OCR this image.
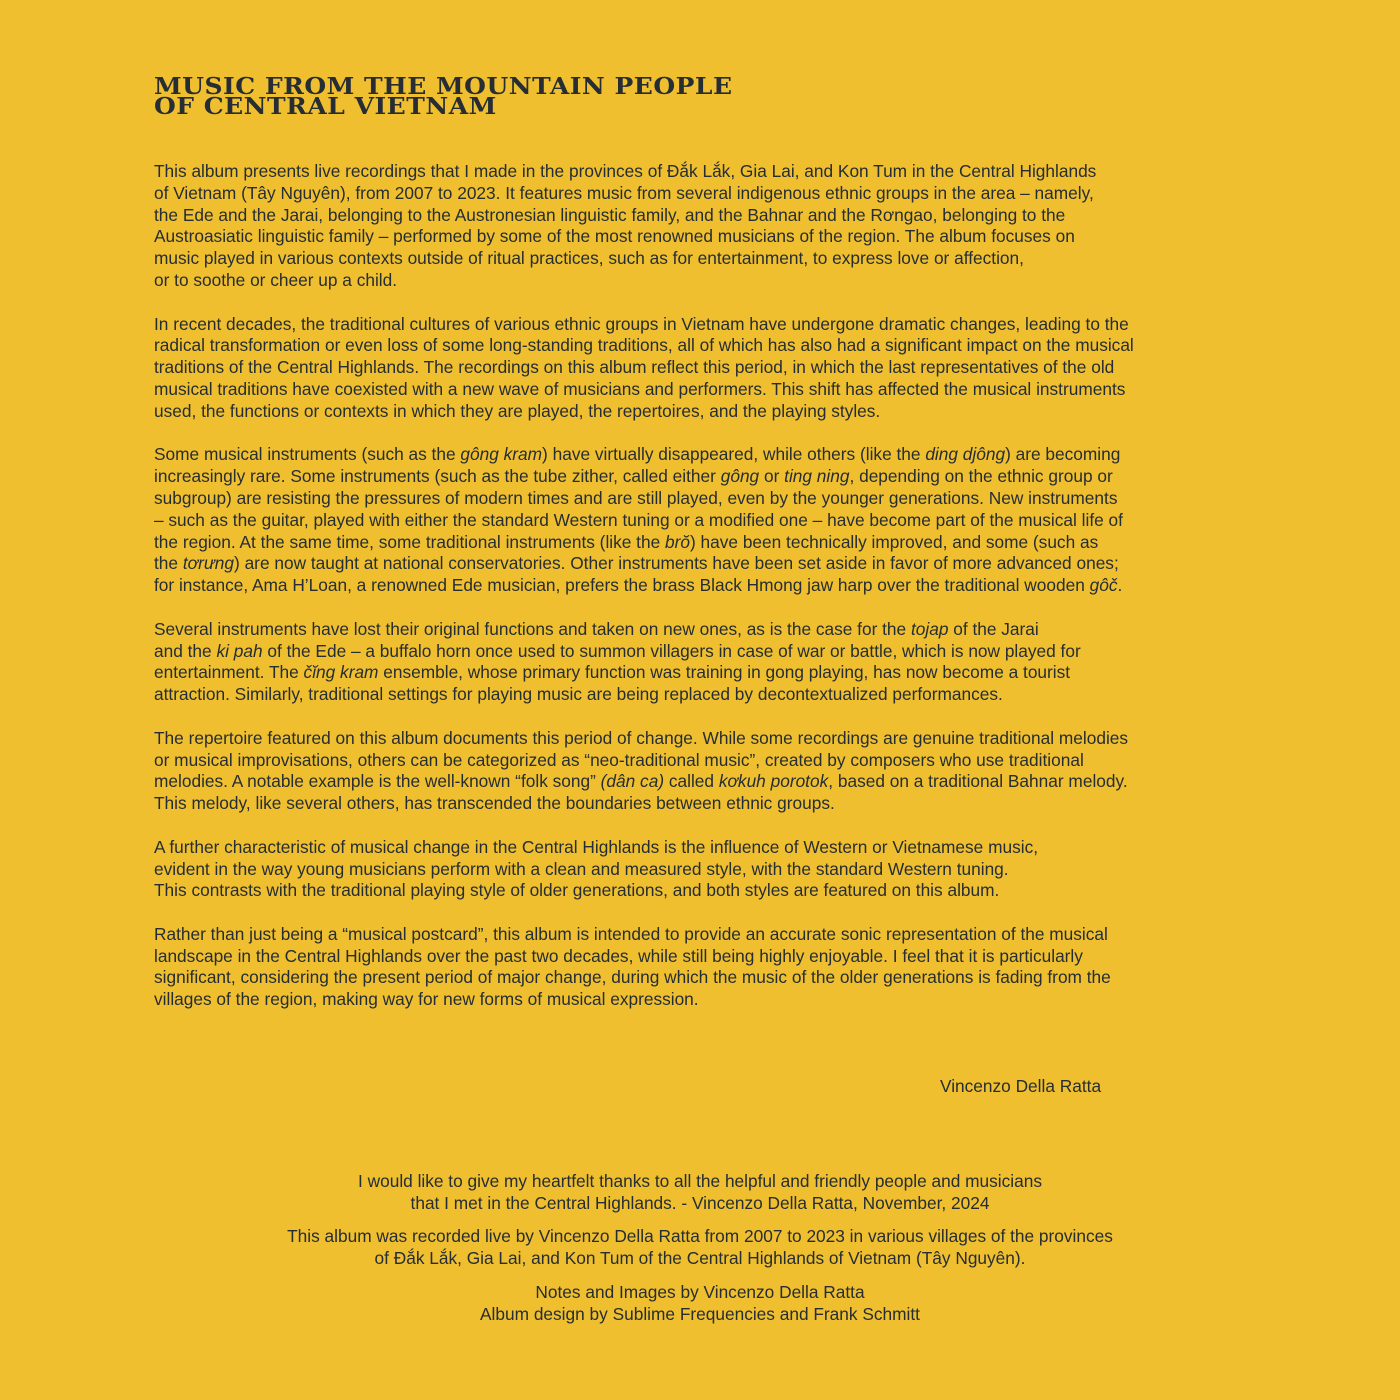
MUSIC FROM THE MOUNTAIN PEOPLE
OF CENTRAL VIETNAM

This album presents live recordings that I made in the provinces of Đắk Lắk, Gia Lai, and Kon Tum in the Central Highlands
of Vietnam (Tây Nguyên), from 2007 to 2023. It features music from several indigenous ethnic groups in the area – namely,
the Ede and the Jarai, belonging to the Austronesian linguistic family, and the Bahnar and the Rơngao, belonging to the
Austroasiatic linguistic family – performed by some of the most renowned musicians of the region. The album focuses on
music played in various contexts outside of ritual practices, such as for entertainment, to express love or affection,
or to soothe or cheer up a child.

In recent decades, the traditional cultures of various ethnic groups in Vietnam have undergone dramatic changes, leading to the
radical transformation or even loss of some long-standing traditions, all of which has also had a significant impact on the musical
traditions of the Central Highlands. The recordings on this album reflect this period, in which the last representatives of the old
musical traditions have coexisted with a new wave of musicians and performers. This shift has affected the musical instruments
used, the functions or contexts in which they are played, the repertoires, and the playing styles.

Some musical instruments (such as the gông kram) have virtually disappeared, while others (like the ding djông) are becoming
increasingly rare. Some instruments (such as the tube zither, called either gông or ting ning, depending on the ethnic group or
subgroup) are resisting the pressures of modern times and are still played, even by the younger generations. New instruments
– such as the guitar, played with either the standard Western tuning or a modified one – have become part of the musical life of
the region. At the same time, some traditional instruments (like the brŏ) have been technically improved, and some (such as
the tơrưng) are now taught at national conservatories. Other instruments have been set aside in favor of more advanced ones;
for instance, Ama H’Loan, a renowned Ede musician, prefers the brass Black Hmong jaw harp over the traditional wooden gôč.

Several instruments have lost their original functions and taken on new ones, as is the case for the tojap of the Jarai
and the ki pah of the Ede – a buffalo horn once used to summon villagers in case of war or battle, which is now played for
entertainment. The čĭng kram ensemble, whose primary function was training in gong playing, has now become a tourist
attraction. Similarly, traditional settings for playing music are being replaced by decontextualized performances.

The repertoire featured on this album documents this period of change. While some recordings are genuine traditional melodies
or musical improvisations, others can be categorized as “neo-traditional music”, created by composers who use traditional
melodies. A notable example is the well-known “folk song” (dân ca) called kơkuh porotok, based on a traditional Bahnar melody.
This melody, like several others, has transcended the boundaries between ethnic groups.

A further characteristic of musical change in the Central Highlands is the influence of Western or Vietnamese music,
evident in the way young musicians perform with a clean and measured style, with the standard Western tuning.
This contrasts with the traditional playing style of older generations, and both styles are featured on this album.

Rather than just being a “musical postcard”, this album is intended to provide an accurate sonic representation of the musical
landscape in the Central Highlands over the past two decades, while still being highly enjoyable. I feel that it is particularly
significant, considering the present period of major change, during which the music of the older generations is fading from the
villages of the region, making way for new forms of musical expression.

Vincenzo Della Ratta
I would like to give my heartfelt thanks to all the helpful and friendly people and musicians
that I met in the Central Highlands. - Vincenzo Della Ratta, November, 2024
This album was recorded live by Vincenzo Della Ratta from 2007 to 2023 in various villages of the provinces
of Đắk Lắk, Gia Lai, and Kon Tum of the Central Highlands of Vietnam (Tây Nguyên).
Notes and Images by Vincenzo Della Ratta
Album design by Sublime Frequencies and Frank Schmitt
